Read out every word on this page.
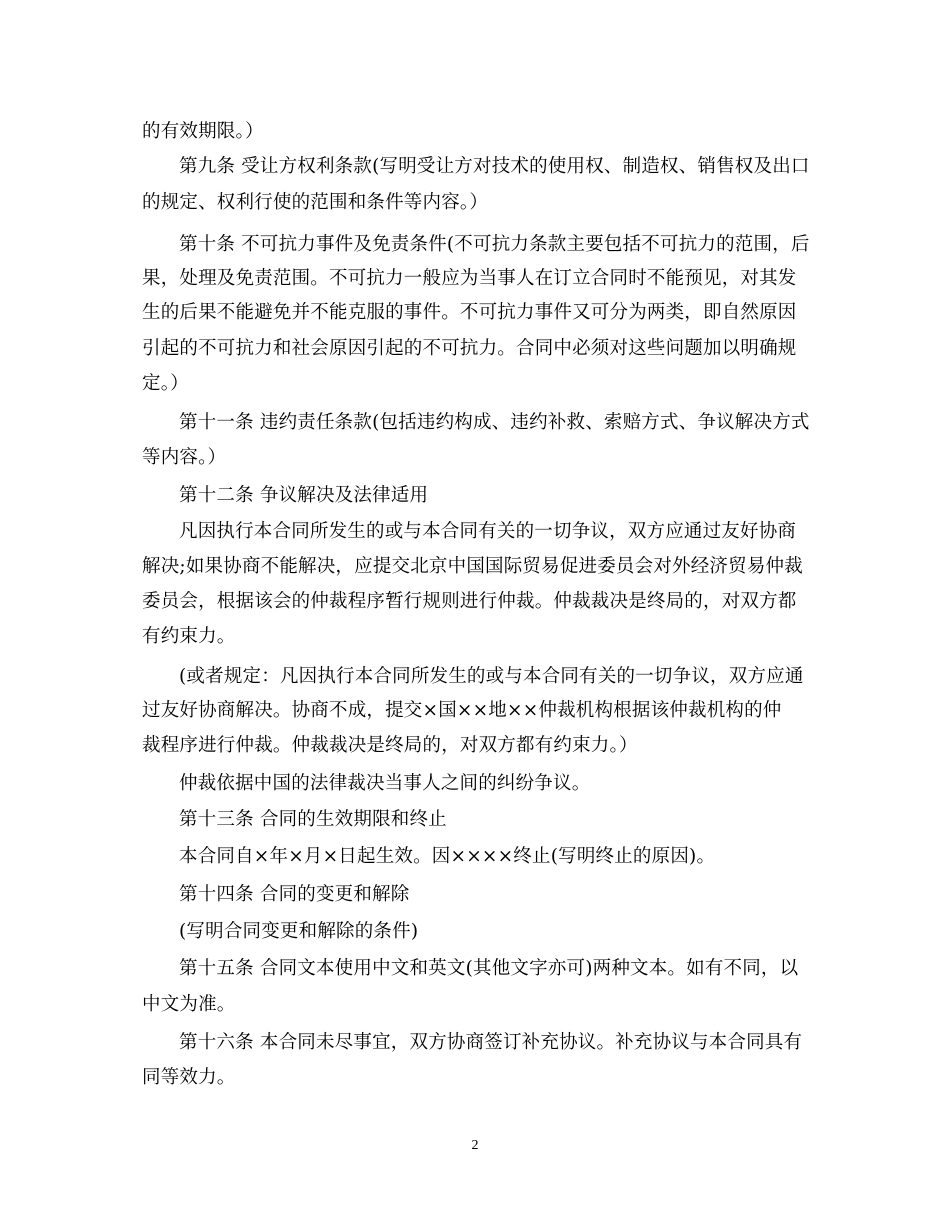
的有效期限。）
第九条 受让方权利条款(写明受让方对技术的使用权、制造权、销售权及出口
的规定、权利行使的范围和条件等内容。）
第十条 不可抗力事件及免责条件(不可抗力条款主要包括不可抗力的范围，后
果，处理及免责范围。不可抗力一般应为当事人在订立合同时不能预见，对其发
生的后果不能避免并不能克服的事件。不可抗力事件又可分为两类，即自然原因
引起的不可抗力和社会原因引起的不可抗力。合同中必须对这些问题加以明确规
定。）
第十一条 违约责任条款(包括违约构成、违约补救、索赔方式、争议解决方式
等内容。）
第十二条 争议解决及法律适用
凡因执行本合同所发生的或与本合同有关的一切争议，双方应通过友好协商
解决;如果协商不能解决，应提交北京中国国际贸易促进委员会对外经济贸易仲裁
委员会，根据该会的仲裁程序暂行规则进行仲裁。仲裁裁决是终局的，对双方都
有约束力。
(或者规定：凡因执行本合同所发生的或与本合同有关的一切争议，双方应通
过友好协商解决。协商不成，提交×国××地××仲裁机构根据该仲裁机构的仲
裁程序进行仲裁。仲裁裁决是终局的，对双方都有约束力。）
仲裁依据中国的法律裁决当事人之间的纠纷争议。
第十三条 合同的生效期限和终止
本合同自×年×月×日起生效。因××××终止(写明终止的原因)。
第十四条 合同的变更和解除
(写明合同变更和解除的条件)
第十五条 合同文本使用中文和英文(其他文字亦可)两种文本。如有不同，以
中文为准。
第十六条 本合同未尽事宜，双方协商签订补充协议。补充协议与本合同具有
同等效力。
2
